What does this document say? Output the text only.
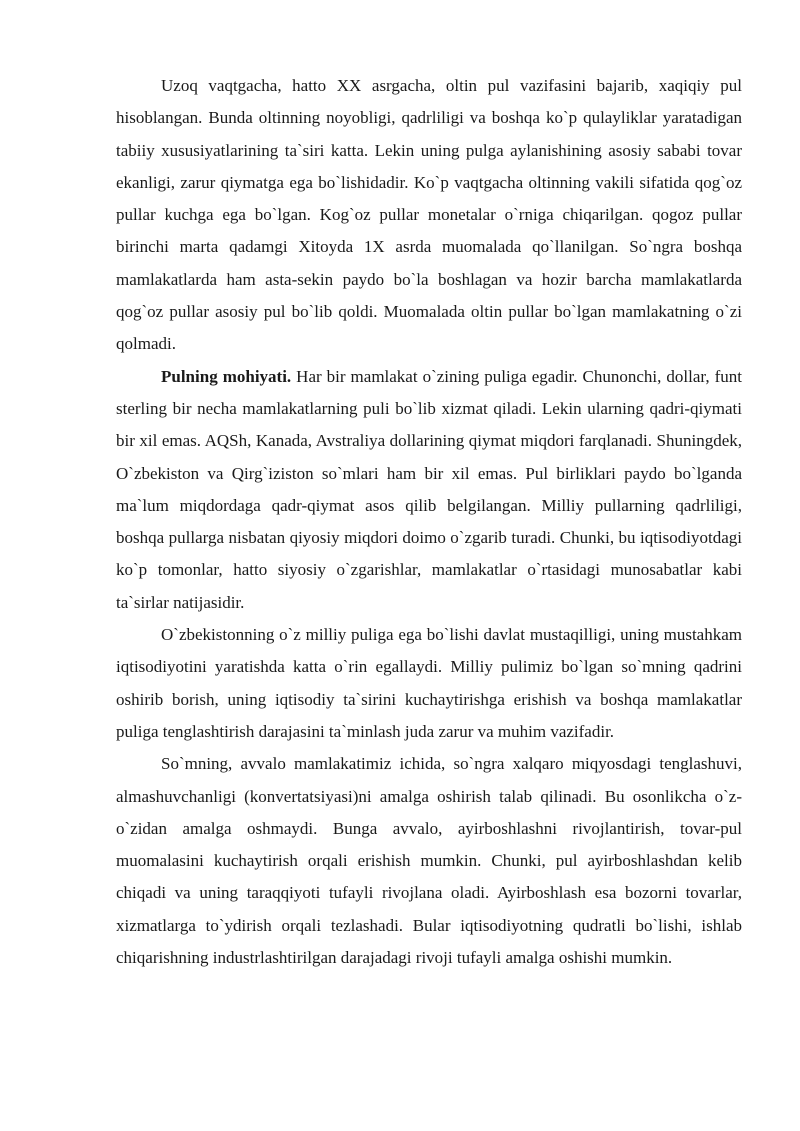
Uzoq vaqtgacha, hatto XX asrgacha, oltin pul vazifasini bajarib, xaqiqiy pul hisoblangan. Bunda oltinning noyobligi, qadrliligi va boshqa ko`p qulayliklar yaratadigan tabiiy xususiyatlarining ta`siri katta. Lekin uning pulga aylanishining asosiy sababi tovar ekanligi, zarur qiymatga ega bo`lishidadir. Ko`p vaqtgacha oltinning vakili sifatida qog`oz pullar kuchga ega bo`lgan. Kog`oz pullar monetalar o`rniga chiqarilgan. qogoz pullar birinchi marta qadamgi Xitoyda 1X asrda muomalada qo`llanilgan. So`ngra boshqa mamlakatlarda ham asta-sekin paydo bo`la boshlagan va hozir barcha mamlakatlarda qog`oz pullar asosiy pul bo`lib qoldi. Muomalada oltin pullar bo`lgan mamlakatning o`zi qolmadi.

Pulning mohiyati. Har bir mamlakat o`zining puliga egadir. Chunonchi, dollar, funt sterling bir necha mamlakatlarning puli bo`lib xizmat qiladi. Lekin ularning qadri-qiymati bir xil emas. AQSh, Kanada, Avstraliya dollarining qiymat miqdori farqlanadi. Shuningdek, O`zbekiston va Qirg`iziston so`mlari ham bir xil emas. Pul birliklari paydo bo`lganda ma`lum miqdordaga qadr-qiymat asos qilib belgilangan. Milliy pullarning qadrliligi, boshqa pullarga nisbatan qiyosiy miqdori doimo o`zgarib turadi. Chunki, bu iqtisodiyotdagi ko`p tomonlar, hatto siyosiy o`zgarishlar, mamlakatlar o`rtasidagi munosabatlar kabi ta`sirlar natijasidir.

O`zbekistonning o`z milliy puliga ega bo`lishi davlat mustaqilligi, uning mustahkam iqtisodiyotini yaratishda katta o`rin egallaydi. Milliy pulimiz bo`lgan so`mning qadrini oshirib borish, uning iqtisodiy ta`sirini kuchaytirishga erishish va boshqa mamlakatlar puliga tenglashtirish darajasini ta`minlash juda zarur va muhim vazifadir.

So`mning, avvalo mamlakatimiz ichida, so`ngra xalqaro miqyosdagi tenglashuvi, almashuvchanligi (konvertatsiyasi)ni amalga oshirish talab qilinadi. Bu osonlikcha o`z-o`zidan amalga oshmaydi. Bunga avvalo, ayirboshlashni rivojlantirish, tovar-pul muomalasini kuchaytirish orqali erishish mumkin. Chunki, pul ayirboshlashdan kelib chiqadi va uning taraqqiyoti tufayli rivojlana oladi. Ayirboshlash esa bozorni tovarlar, xizmatlarga to`ydirish orqali tezlashadi. Bular iqtisodiyotning qudratli bo`lishi, ishlab chiqarishning industrlashtirilgan darajadagi rivoji tufayli amalga oshishi mumkin.
